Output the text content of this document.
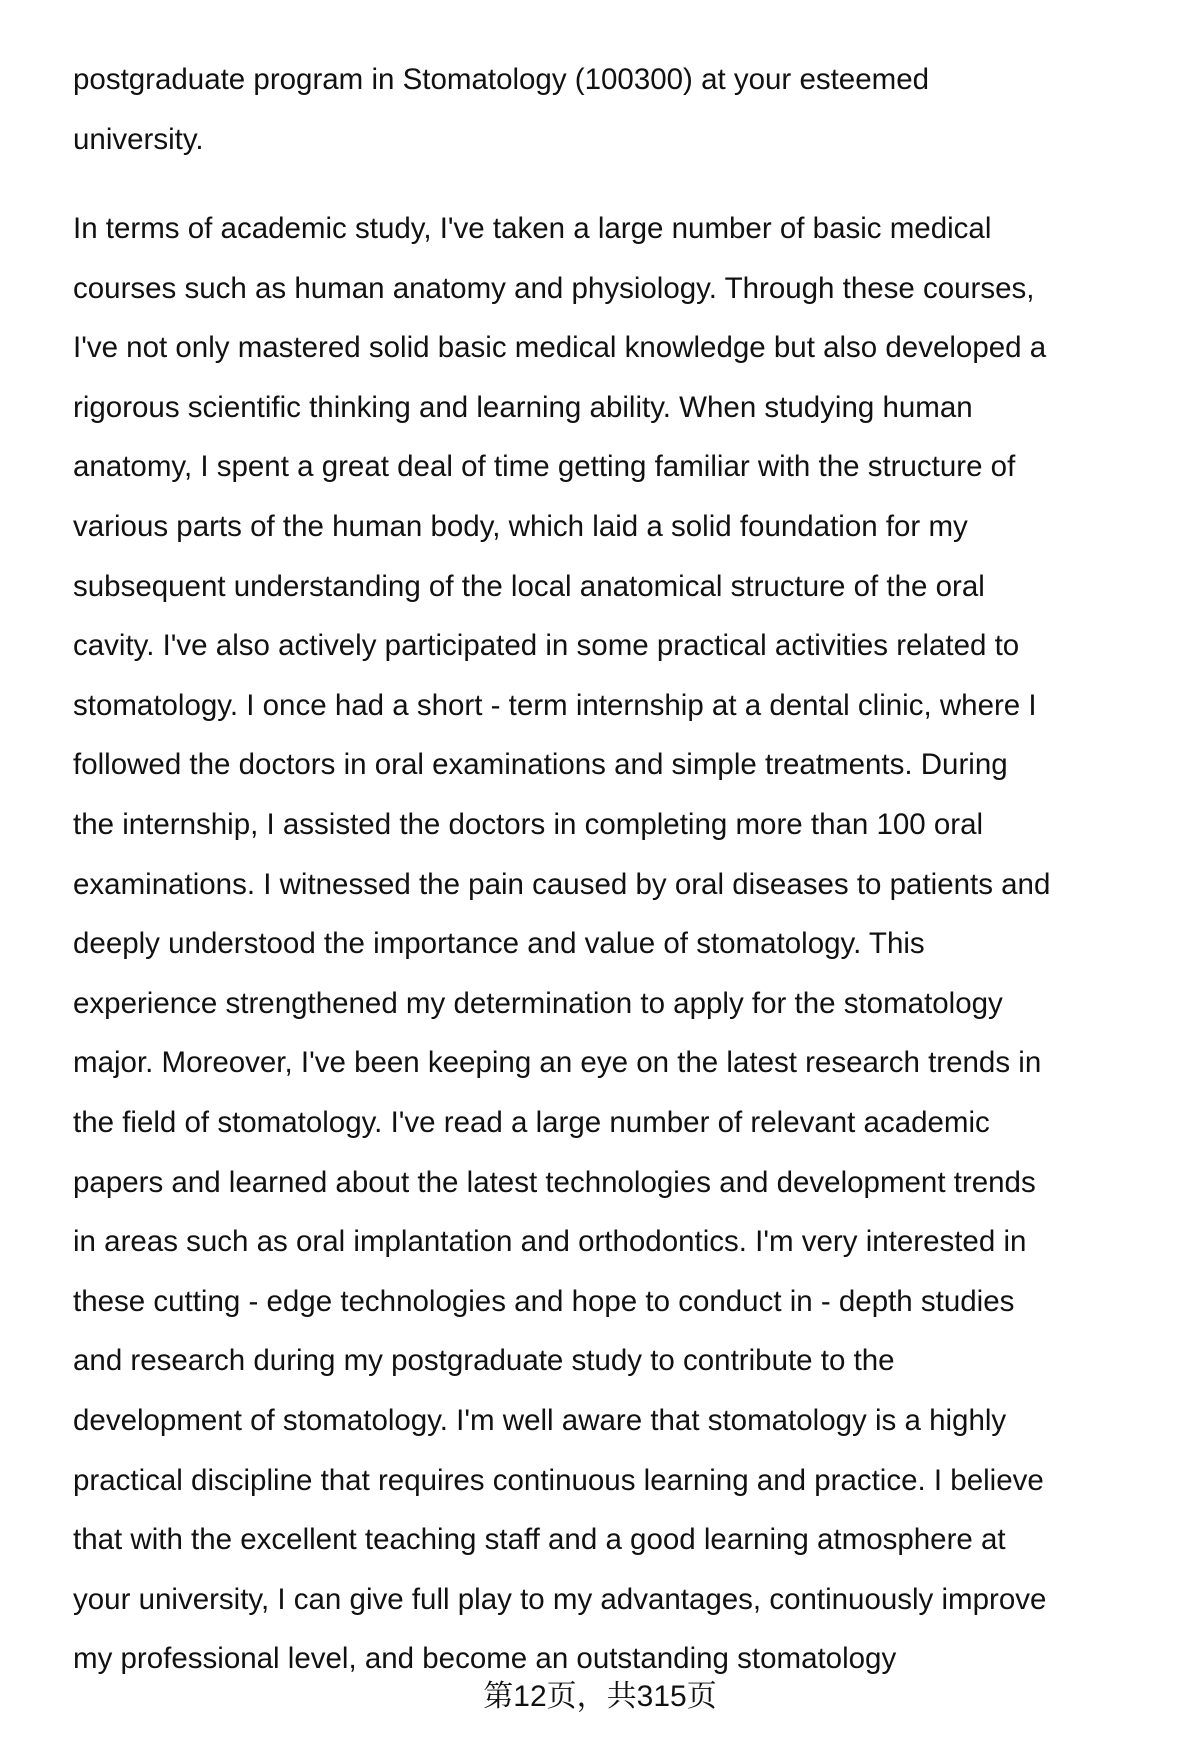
postgraduate program in Stomatology (100300) at your esteemed
university.
In terms of academic study, I've taken a large number of basic medical
courses such as human anatomy and physiology. Through these courses,
I've not only mastered solid basic medical knowledge but also developed a
rigorous scientific thinking and learning ability. When studying human
anatomy, I spent a great deal of time getting familiar with the structure of
various parts of the human body, which laid a solid foundation for my
subsequent understanding of the local anatomical structure of the oral
cavity. I've also actively participated in some practical activities related to
stomatology. I once had a short - term internship at a dental clinic, where I
followed the doctors in oral examinations and simple treatments. During
the internship, I assisted the doctors in completing more than 100 oral
examinations. I witnessed the pain caused by oral diseases to patients and
deeply understood the importance and value of stomatology. This
experience strengthened my determination to apply for the stomatology
major. Moreover, I've been keeping an eye on the latest research trends in
the field of stomatology. I've read a large number of relevant academic
papers and learned about the latest technologies and development trends
in areas such as oral implantation and orthodontics. I'm very interested in
these cutting - edge technologies and hope to conduct in - depth studies
and research during my postgraduate study to contribute to the
development of stomatology. I'm well aware that stomatology is a highly
practical discipline that requires continuous learning and practice. I believe
that with the excellent teaching staff and a good learning atmosphere at
your university, I can give full play to my advantages, continuously improve
my professional level, and become an outstanding stomatology
第12页，共315页
